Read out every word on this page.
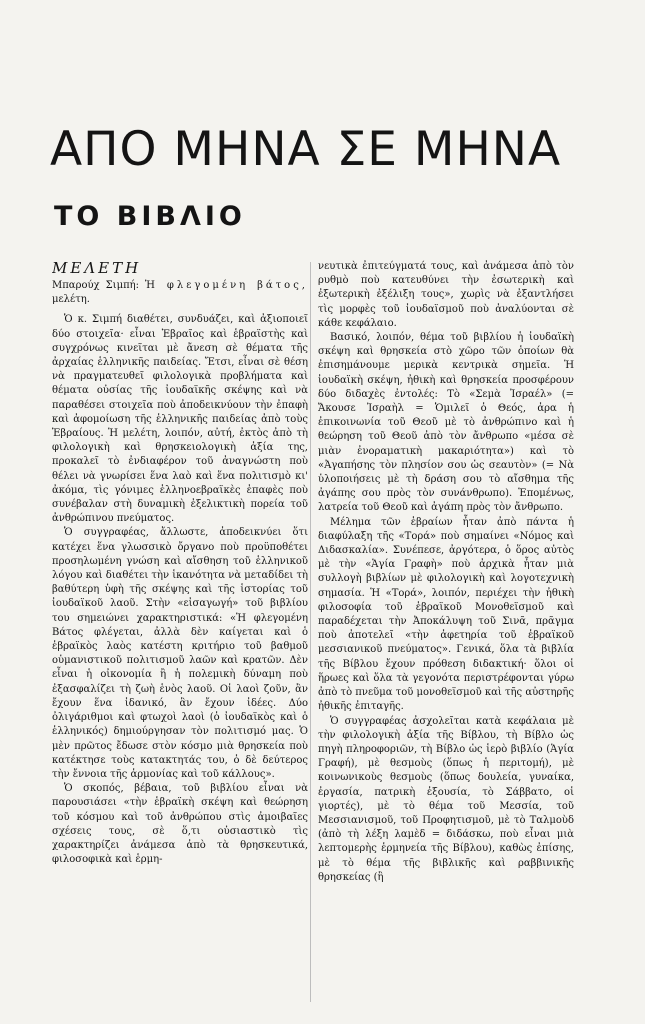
ΑΠΟ ΜΗΝΑ ΣΕ ΜΗΝΑ
ΤΟ ΒΙΒΛΙΟ
ΜΕΛΕΤΗ
Μπαρούχ Σιμπή: Ἡ φλεγομένη βάτος, μελέτη.

Ὁ κ. Σιμπή διαθέτει, συνδυάζει, καὶ ἀξιοποιεῖ δύο στοιχεῖα· εἶναι Ἑβραῖος καὶ ἑβραϊστὴς καὶ συγχρόνως κινεῖται μὲ ἄνεση σὲ θέματα τῆς ἀρχαίας ἑλληνικῆς παιδείας. Ἔτσι, εἶναι σὲ θέση νὰ πραγματευθεῖ φιλολογικὰ προβλήματα καὶ θέματα οὐσίας τῆς ἰουδαϊκῆς σκέψης καὶ νὰ παραθέσει στοιχεῖα ποὺ ἀποδεικνύουν τὴν ἐπαφὴ καὶ ἀφομοίωση τῆς ἑλληνικῆς παιδείας ἀπὸ τοὺς Ἑβραίους. Ἡ μελέτη, λοιπόν, αὐτή, ἐκτὸς ἀπὸ τὴ φιλολογικὴ καὶ θρησκειολογικὴ ἀξία της, προκαλεῖ τὸ ἐνδιαφέρον τοῦ ἀναγνώστη ποὺ θέλει νὰ γνωρίσει ἕνα λαὸ καὶ ἕνα πολιτισμὸ κι' ἀκόμα, τὶς γόνιμες ἑλληνοεβραϊκὲς ἐπαφὲς ποὺ συνέβαλαν στὴ δυναμικὴ ἐξελικτικὴ πορεία τοῦ ἀνθρώπινου πνεύματος.

Ὁ συγγραφέας, ἄλλωστε, ἀποδεικνύει ὅτι κατέχει ἕνα γλωσσικὸ ὄργανο ποὺ προϋποθέτει προσηλωμένη γνώση καὶ αἴσθηση τοῦ ἑλληνικοῦ λόγου καὶ διαθέτει τὴν ἱκανότητα νὰ μεταδίδει τὴ βαθύτερη ὑφὴ τῆς σκέψης καὶ τῆς ἱστορίας τοῦ ἰουδαϊκοῦ λαοῦ. Στὴν «εἰσαγωγή» τοῦ βιβλίου του σημειώνει χαρακτηριστικά: «Ἡ φλεγομένη Βάτος φλέγεται, ἀλλὰ δὲν καίγεται καὶ ὁ ἑβραϊκὸς λαὸς κατέστη κριτήριο τοῦ βαθμοῦ οὑμανιστικοῦ πολιτισμοῦ λαῶν καὶ κρατῶν. Δὲν εἶναι ἡ οἰκονομία ἢ ἡ πολεμικὴ δύναμη ποὺ ἐξασφαλίζει τὴ ζωὴ ἑνὸς λαοῦ. Οἱ λαοὶ ζοῦν, ἂν ἔχουν ἕνα ἰδανικό, ἂν ἔχουν ἰδέες. Δύο ὀλιγάριθμοι καὶ φτωχοὶ λαοὶ (ὁ ἰουδαϊκὸς καὶ ὁ ἑλληνικός) δημιούργησαν τὸν πολιτισμό μας. Ὁ μὲν πρῶτος ἔδωσε στὸν κόσμο μιὰ θρησκεία ποὺ κατέκτησε τοὺς κατακτητάς του, ὁ δὲ δεύτερος τὴν ἔννοια τῆς ἁρμονίας καὶ τοῦ κάλλους».

Ὁ σκοπός, βέβαια, τοῦ βιβλίου εἶναι νὰ παρουσιάσει «τὴν ἑβραϊκὴ σκέψη καὶ θεώρηση τοῦ κόσμου καὶ τοῦ ἀνθρώπου στὶς ἀμοιβαῖες σχέσεις τους, σὲ ὅ,τι οὐσιαστικὸ τὶς χαρακτηρίζει ἀνάμεσα ἀπὸ τὰ θρησκευτικά, φιλοσοφικὰ καὶ ἑρμη-

νευτικὰ ἐπιτεύγματά τους, καὶ ἀνάμεσα ἀπὸ τὸν ρυθμὸ ποὺ κατευθύνει τὴν ἐσωτερικὴ καὶ ἐξωτερικὴ ἐξέλιξη τους», χωρὶς νὰ ἐξαντλήσει τὶς μορφὲς τοῦ ἰουδαϊσμοῦ ποὺ ἀναλύονται σὲ κάθε κεφάλαιο.

Βασικό, λοιπόν, θέμα τοῦ βιβλίου ἡ ἰουδαϊκὴ σκέψη καὶ θρησκεία στὸ χῶρο τῶν ὁποίων θὰ ἐπισημάνουμε μερικὰ κεντρικὰ σημεῖα. Ἡ ἰουδαϊκὴ σκέψη, ἠθικὴ καὶ θρησκεία προσφέρουν δύο διδαχὲς ἐντολές: Τὸ «Σεμὰ Ἰσραέλ» (= Ἄκουσε Ἰσραὴλ = Ὁμιλεῖ ὁ Θεός, ἀρα ἡ ἐπικοινωνία τοῦ Θεοῦ μὲ τὸ ἀνθρώπινο καὶ ἡ θεώρηση τοῦ Θεοῦ ἀπὸ τὸν ἄνθρωπο «μέσα σὲ μιὰν ἐνοραματικὴ μακαριότητα») καὶ τὸ «Ἀγαπήσης τὸν πλησίον σου ὡς σεαυτὸν» (= Νὰ ὑλοποιήσεις μὲ τὴ δράση σου τὸ αἴσθημα τῆς ἀγάπης σου πρὸς τὸν συνάνθρωπο). Ἑπομένως, λατρεία τοῦ Θεοῦ καὶ ἀγάπη πρὸς τὸν ἄνθρωπο.

Μέλημα τῶν ἑβραίων ἦταν ἀπὸ πάντα ἡ διαφύλαξη τῆς «Τορά» ποὺ σημαίνει «Νόμος καὶ Διδασκαλία». Συνέπεσε, ἀργότερα, ὁ ὅρος αὐτὸς μὲ τὴν «Ἁγία Γραφὴ» ποὺ ἀρχικὰ ἦταν μιὰ συλλογὴ βιβλίων μὲ φιλολογικὴ καὶ λογοτεχνικὴ σημασία. Ἡ «Τορά», λοιπόν, περιέχει τὴν ἠθικὴ φιλοσοφία τοῦ ἑβραϊκοῦ Μονοθεϊσμοῦ καὶ παραδέχεται τὴν Ἀποκάλυψη τοῦ Σινᾶ, πρᾶγμα ποὺ ἀποτελεῖ «τὴν ἀφετηρία τοῦ ἑβραϊκοῦ μεσσιανικοῦ πνεύματος». Γενικά, ὅλα τὰ βιβλία τῆς Βίβλου ἔχουν πρόθεση διδακτική· ὅλοι οἱ ἥρωες καὶ ὅλα τὰ γεγονότα περιστρέφονται γύρω ἀπὸ τὸ πνεῦμα τοῦ μονοθεϊσμοῦ καὶ τῆς αὐστηρῆς ἠθικῆς ἐπιταγῆς.

Ὁ συγγραφέας ἀσχολεῖται κατὰ κεφάλαια μὲ τὴν φιλολογικὴ ἀξία τῆς Βίβλου, τὴ Βίβλο ὡς πηγὴ πληροφοριῶν, τὴ Βίβλο ὡς ἱερὸ βιβλίο (Ἁγία Γραφή), μὲ θεσμοὺς (ὅπως ἡ περιτομή), μὲ κοινωνικοὺς θεσμοὺς (ὅπως δουλεία, γυναίκα, ἐργασία, πατρικὴ ἐξουσία, τὸ Σάββατο, οἱ γιορτές), μὲ τὸ θέμα τοῦ Μεσσία, τοῦ Μεσσιανισμοῦ, τοῦ Προφητισμοῦ, μὲ τὸ Ταλμοὺδ (ἀπὸ τὴ λέξη λαμὲδ = διδάσκω, ποὺ εἶναι μιὰ λεπτομερὴς ἑρμηνεία τῆς Βίβλου), καθὼς ἐπίσης, μὲ τὸ θέμα τῆς βιβλικῆς καὶ ραββινικῆς θρησκείας (ἢ
